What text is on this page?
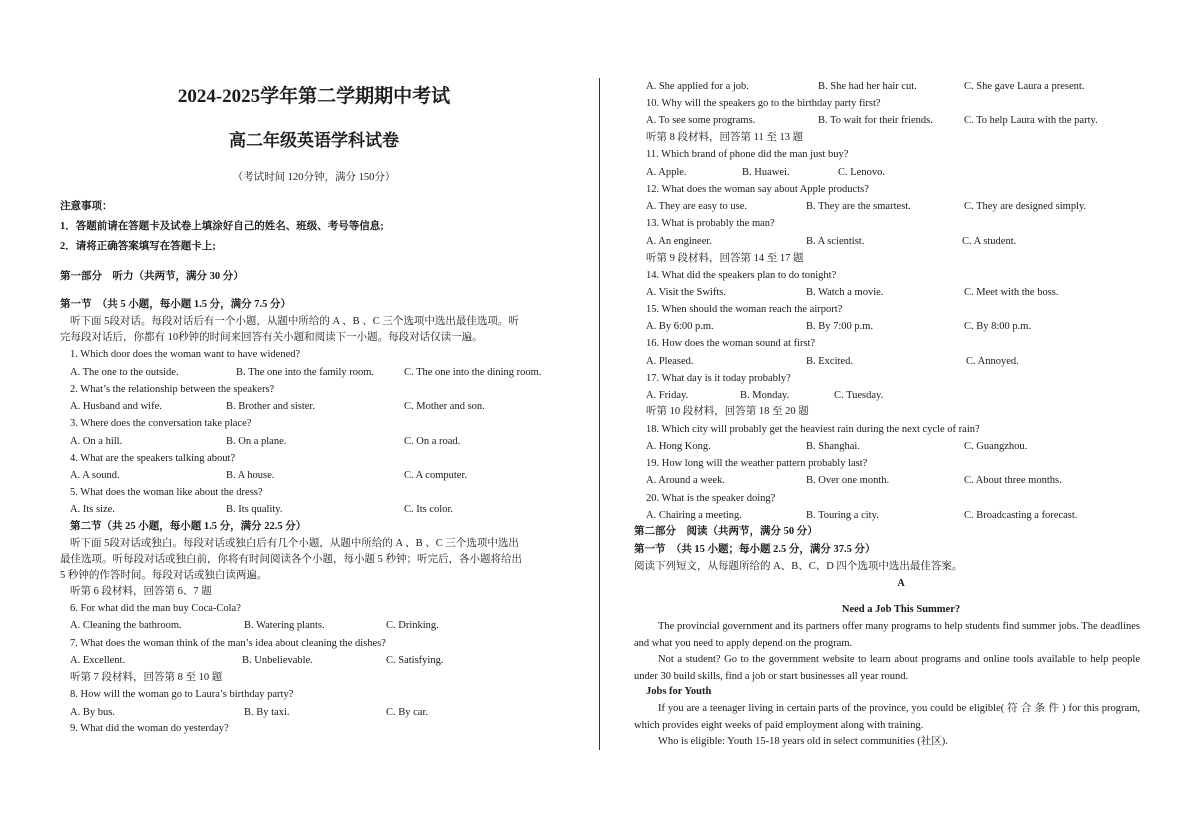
2024-2025学年第二学期期中考试
高二年级英语学科试卷
（考试时间 120分钟，满分 150分）
注意事项：
1．答题前请在答题卡及试卷上填涂好自己的姓名、班级、考号等信息;
2．请将正确答案填写在答题卡上;
第一部分　听力（共两节，满分 30 分）
第一节　（共 5 小题，每小题 1.5 分，满分 7.5 分）
听下面 5段对话。每段对话后有一个小题，从题中所给的 A 、B 、C 三个选项中选出最佳选项。听
完每段对话后，你都有 10秒钟的时间来回答有关小题和阅读下一小题。每段对话仅读一遍。
1. Which door does the woman want to have widened?
A. The one to the outside.	B. The one into the family room.	C. The one into the dining room.
2. What’s the relationship between the speakers?
A. Husband and wife.	B. Brother and sister.	C. Mother and son.
3. Where does the conversation take place?
A. On a hill.	B. On a plane.	C. On a road.
4. What are the speakers talking about?
A. A sound.	B. A house.	C. A computer.
5. What does the woman like about the dress?
A. Its size.	B. Its quality.	C. Its color.
第二节（共 25 小题，每小题 1.5 分，满分 22.5 分）
听下面 5段对话或独白。每段对话或独白后有几个小题，从题中所给的 A 、B 、C 三个选项中选出
最佳选项。听每段对话或独白前，你将有时间阅读各个小题，每小题 5 秒钟；听完后，各小题将给出
5 秒钟的作答时间。每段对话或独白读两遍。
听第 6 段材料，回答第 6、7 题
6. For what did the man buy Coca-Cola?
A. Cleaning the bathroom.	B. Watering plants.	C. Drinking.
7. What does the woman think of the man’s idea about cleaning the dishes?
A. Excellent.	B. Unbelievable.	C. Satisfying.
听第 7 段材料，回答第 8 至 10 题
8. How will the woman go to Laura’s birthday party?
A. By bus.	B. By taxi.	C. By car.
9. What did the woman do yesterday?
A. She applied for a job.	B. She had her hair cut.	C. She gave Laura a present.
10. Why will the speakers go to the birthday party first?
A. To see some programs.	B. To wait for their friends.	C. To help Laura with the party.
听第 8 段材料，回答第 11 至 13 题
11. Which brand of phone did the man just buy?
A. Apple.	B. Huawei.	C. Lenovo.
12. What does the woman say about Apple products?
A. They are easy to use.	B. They are the smartest.	C. They are designed simply.
13. What is probably the man?
A. An engineer.	B. A scientist.	C. A student.
听第 9 段材料，回答第 14 至 17 题
14. What did the speakers plan to do tonight?
A. Visit the Swifts.	B. Watch a movie.	C. Meet with the boss.
15. When should the woman reach the airport?
A. By 6:00 p.m.	B. By 7:00 p.m.	C. By 8:00 p.m.
16. How does the woman sound at first?
A. Pleased.	B. Excited.	C. Annoyed.
17. What day is it today probably?
A. Friday.	B. Monday.	C. Tuesday.
听第 10 段材料，回答第 18 至 20 题
18. Which city will probably get the heaviest rain during the next cycle of rain?
A. Hong Kong.	B. Shanghai.	C. Guangzhou.
19. How long will the weather pattern probably last?
A. Around a week.	B. Over one month.	C. About three months.
20. What is the speaker doing?
A. Chairing a meeting.	B. Touring a city.	C. Broadcasting a forecast.
第二部分　阅读（共两节，满分 50 分）
第一节　（共 15 小题；每小题 2.5 分，满分 37.5 分）
阅读下列短文，从每题所给的 A、B、C、D 四个选项中选出最佳答案。
A
Need a Job This Summer?
The provincial government and its partners offer many programs to help students find summer jobs. The deadlines and what you need to apply depend on the program.
Not a student? Go to the government website to learn about programs and online tools available to help people under 30 build skills, find a job or start businesses all year round.
Jobs for Youth
If you are a teenager living in certain parts of the province, you could be eligible( 符 合 条 件 ) for this program, which provides eight weeks of paid employment along with training.
Who is eligible: Youth 15-18 years old in select communities (社区).
